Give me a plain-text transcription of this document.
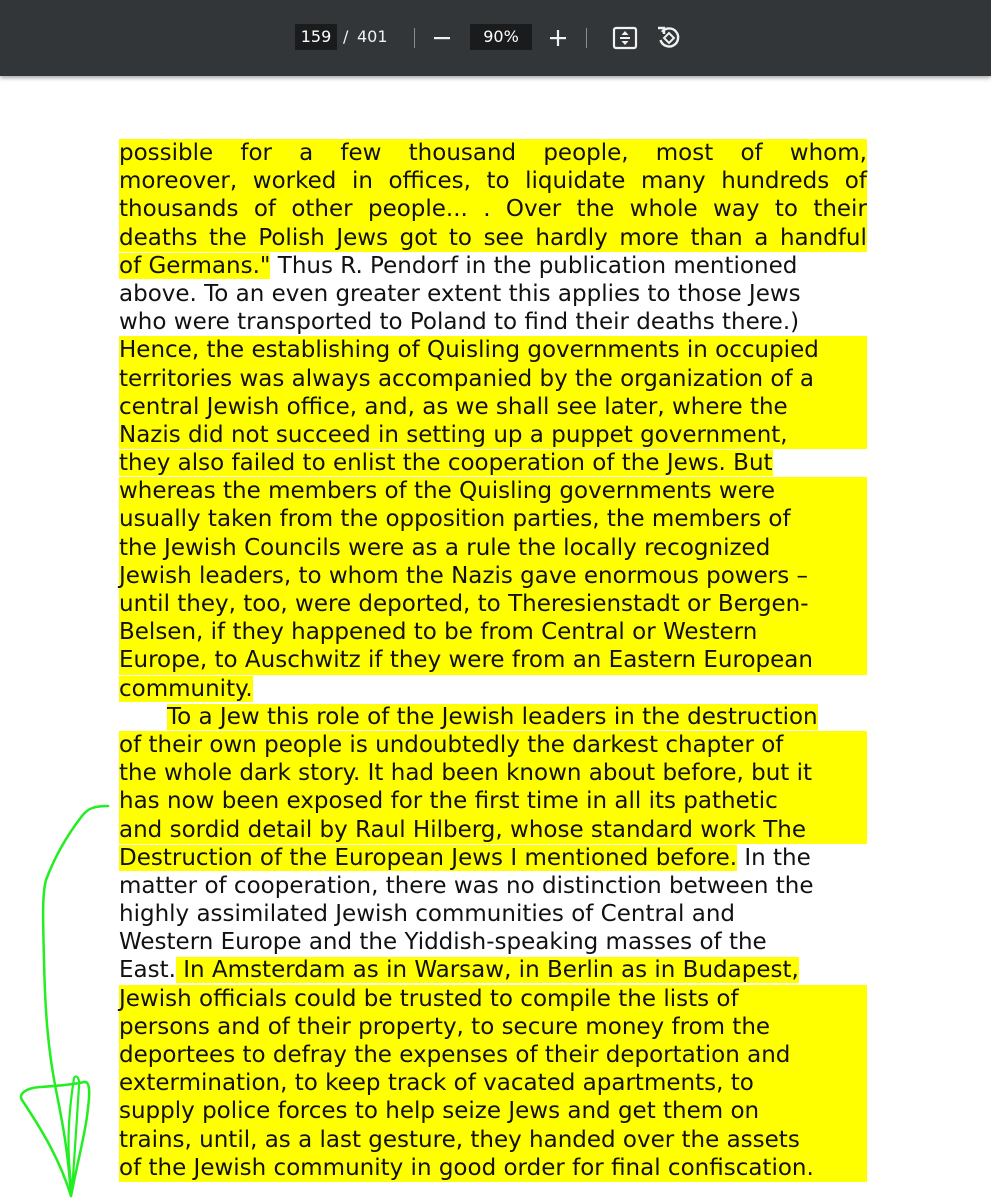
159 / 401	90%
possible for a few thousand people, most of whom,
moreover, worked in offices, to liquidate many hundreds of
thousands of other people... . Over the whole way to their
deaths the Polish Jews got to see hardly more than a handful
of Germans." Thus R. Pendorf in the publication mentioned
above. To an even greater extent this applies to those Jews
who were transported to Poland to find their deaths there.)
Hence, the establishing of Quisling governments in occupied
territories was always accompanied by the organization of a
central Jewish office, and, as we shall see later, where the
Nazis did not succeed in setting up a puppet government,
they also failed to enlist the cooperation of the Jews. But
whereas the members of the Quisling governments were
usually taken from the opposition parties, the members of
the Jewish Councils were as a rule the locally recognized
Jewish leaders, to whom the Nazis gave enormous powers –
until they, too, were deported, to Theresienstadt or Bergen-
Belsen, if they happened to be from Central or Western
Europe, to Auschwitz if they were from an Eastern European
community.
To a Jew this role of the Jewish leaders in the destruction
of their own people is undoubtedly the darkest chapter of
the whole dark story. It had been known about before, but it
has now been exposed for the first time in all its pathetic
and sordid detail by Raul Hilberg, whose standard work The
Destruction of the European Jews I mentioned before. In the
matter of cooperation, there was no distinction between the
highly assimilated Jewish communities of Central and
Western Europe and the Yiddish-speaking masses of the
East. In Amsterdam as in Warsaw, in Berlin as in Budapest,
Jewish officials could be trusted to compile the lists of
persons and of their property, to secure money from the
deportees to defray the expenses of their deportation and
extermination, to keep track of vacated apartments, to
supply police forces to help seize Jews and get them on
trains, until, as a last gesture, they handed over the assets
of the Jewish community in good order for final confiscation.
